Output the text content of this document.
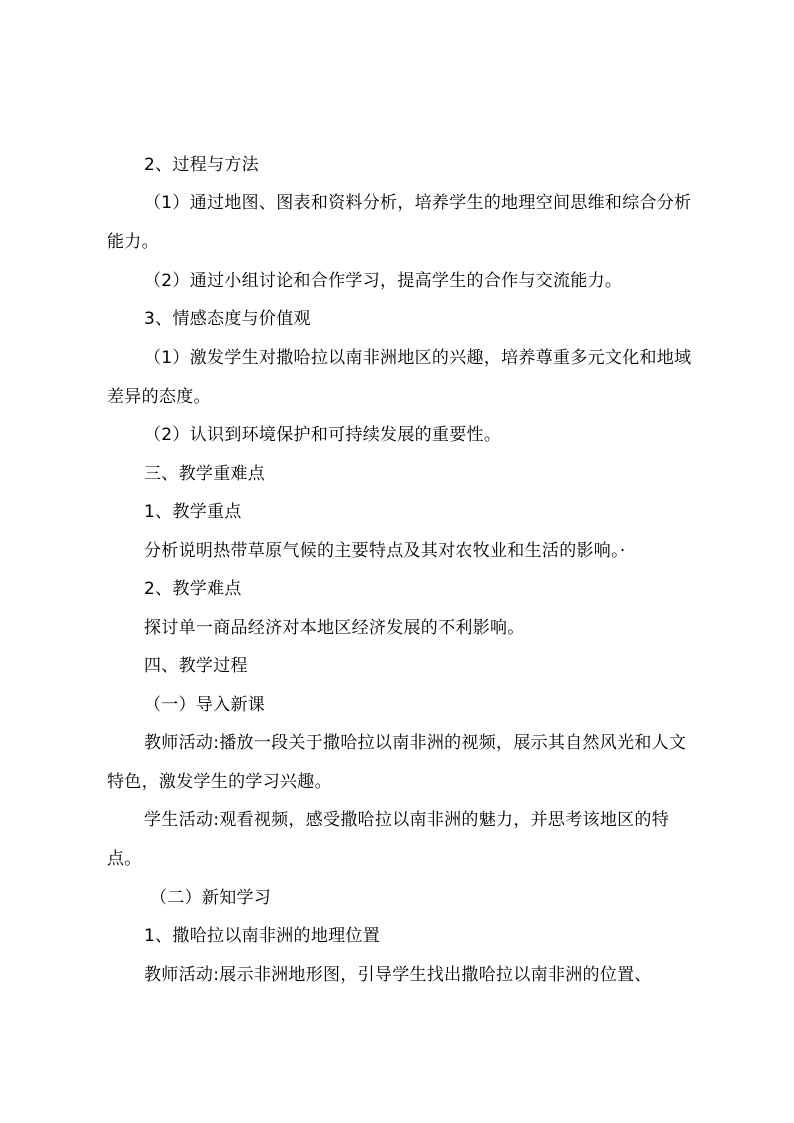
2、过程与方法

（1）通过地图、图表和资料分析，培养学生的地理空间思维和综合分析能力。

（2）通过小组讨论和合作学习，提高学生的合作与交流能力。

3、情感态度与价值观

（1）激发学生对撒哈拉以南非洲地区的兴趣，培养尊重多元文化和地域差异的态度。

（2）认识到环境保护和可持续发展的重要性。

三、教学重难点

1、教学重点

分析说明热带草原气候的主要特点及其对农牧业和生活的影响。·

2、教学难点

探讨单一商品经济对本地区经济发展的不利影响。

四、教学过程

（一）导入新课

教师活动:播放一段关于撒哈拉以南非洲的视频，展示其自然风光和人文特色，激发学生的学习兴趣。

学生活动:观看视频，感受撒哈拉以南非洲的魅力，并思考该地区的特点。

（二）新知学习

1、撒哈拉以南非洲的地理位置

教师活动:展示非洲地形图，引导学生找出撒哈拉以南非洲的位置、
